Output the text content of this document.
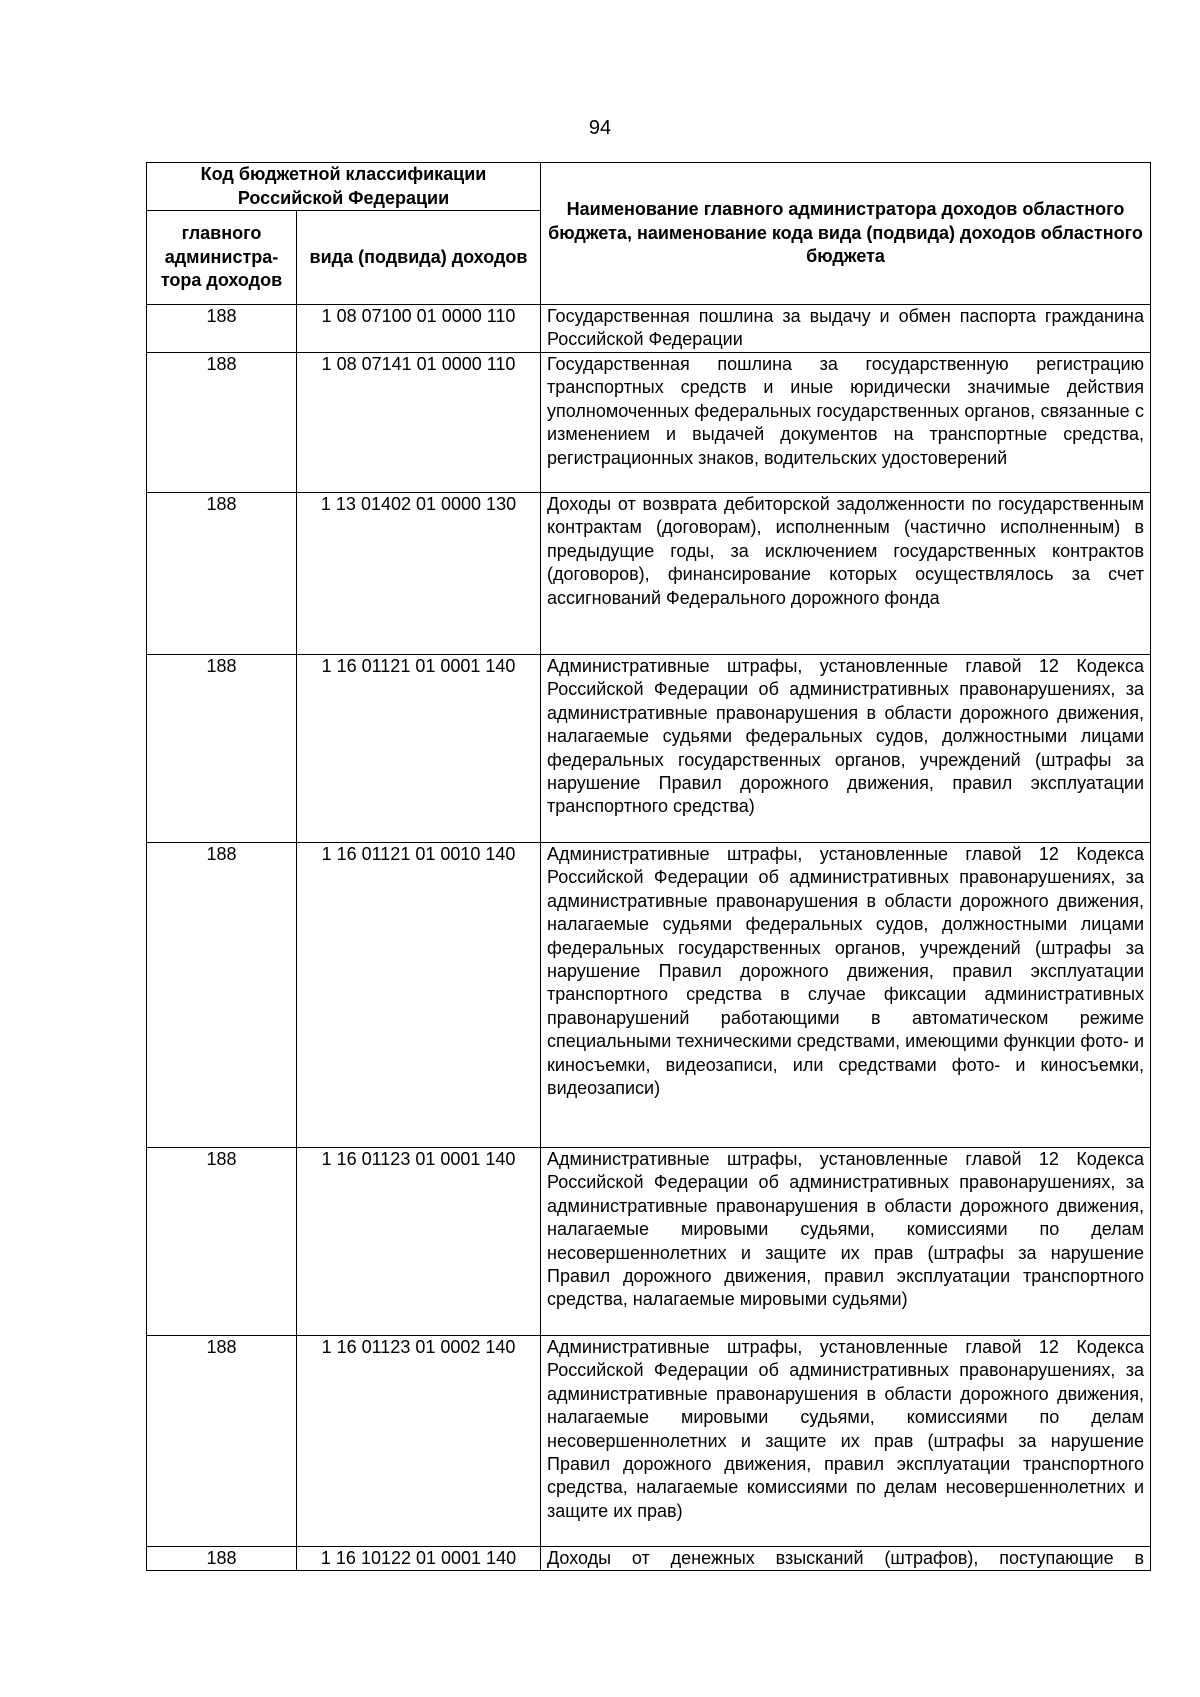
94
Код бюджетной классификации Российской Федерации		Наименование главного администратора доходов областного бюджета, наименование кода вида (подвида) доходов областного бюджета
главного администра-тора доходов	вида (подвида) доходов	
188	1 08 07100 01 0000 110	Государственная пошлина за выдачу и обмен паспорта гражданина Российской Федерации
188	1 08 07141 01 0000 110	Государственная пошлина за государственную регистрацию транспортных средств и иные юридически значимые действия уполномоченных федеральных государственных органов, связанные с изменением и выдачей документов на транспортные средства, регистрационных знаков, водительских удостоверений
188	1 13 01402 01 0000 130	Доходы от возврата дебиторской задолженности по государственным контрактам (договорам), исполненным (частично исполненным) в предыдущие годы, за исключением государственных контрактов (договоров), финансирование которых осуществлялось за счет ассигнований Федерального дорожного фонда
188	1 16 01121 01 0001 140	Административные штрафы, установленные главой 12 Кодекса Российской Федерации об административных правонарушениях, за административные правонарушения в области дорожного движения, налагаемые судьями федеральных судов, должностными лицами федеральных государственных органов, учреждений (штрафы за нарушение Правил дорожного движения, правил эксплуатации транспортного средства)
188	1 16 01121 01 0010 140	Административные штрафы, установленные главой 12 Кодекса Российской Федерации об административных правонарушениях, за административные правонарушения в области дорожного движения, налагаемые судьями федеральных судов, должностными лицами федеральных государственных органов, учреждений (штрафы за нарушение Правил дорожного движения, правил эксплуатации транспортного средства в случае фиксации административных правонарушений работающими в автоматическом режиме специальными техническими средствами, имеющими функции фото- и киносъемки, видеозаписи, или средствами фото- и киносъемки, видеозаписи)
188	1 16 01123 01 0001 140	Административные штрафы, установленные главой 12 Кодекса Российской Федерации об административных правонарушениях, за административные правонарушения в области дорожного движения, налагаемые мировыми судьями, комиссиями по делам несовершеннолетних и защите их прав (штрафы за нарушение Правил дорожного движения, правил эксплуатации транспортного средства, налагаемые мировыми судьями)
188	1 16 01123 01 0002 140	Административные штрафы, установленные главой 12 Кодекса Российской Федерации об административных правонарушениях, за административные правонарушения в области дорожного движения, налагаемые мировыми судьями, комиссиями по делам несовершеннолетних и защите их прав (штрафы за нарушение Правил дорожного движения, правил эксплуатации транспортного средства, налагаемые комиссиями по делам несовершеннолетних и защите их прав)
188	1 16 10122 01 0001 140	Доходы от денежных взысканий (штрафов), поступающие в
